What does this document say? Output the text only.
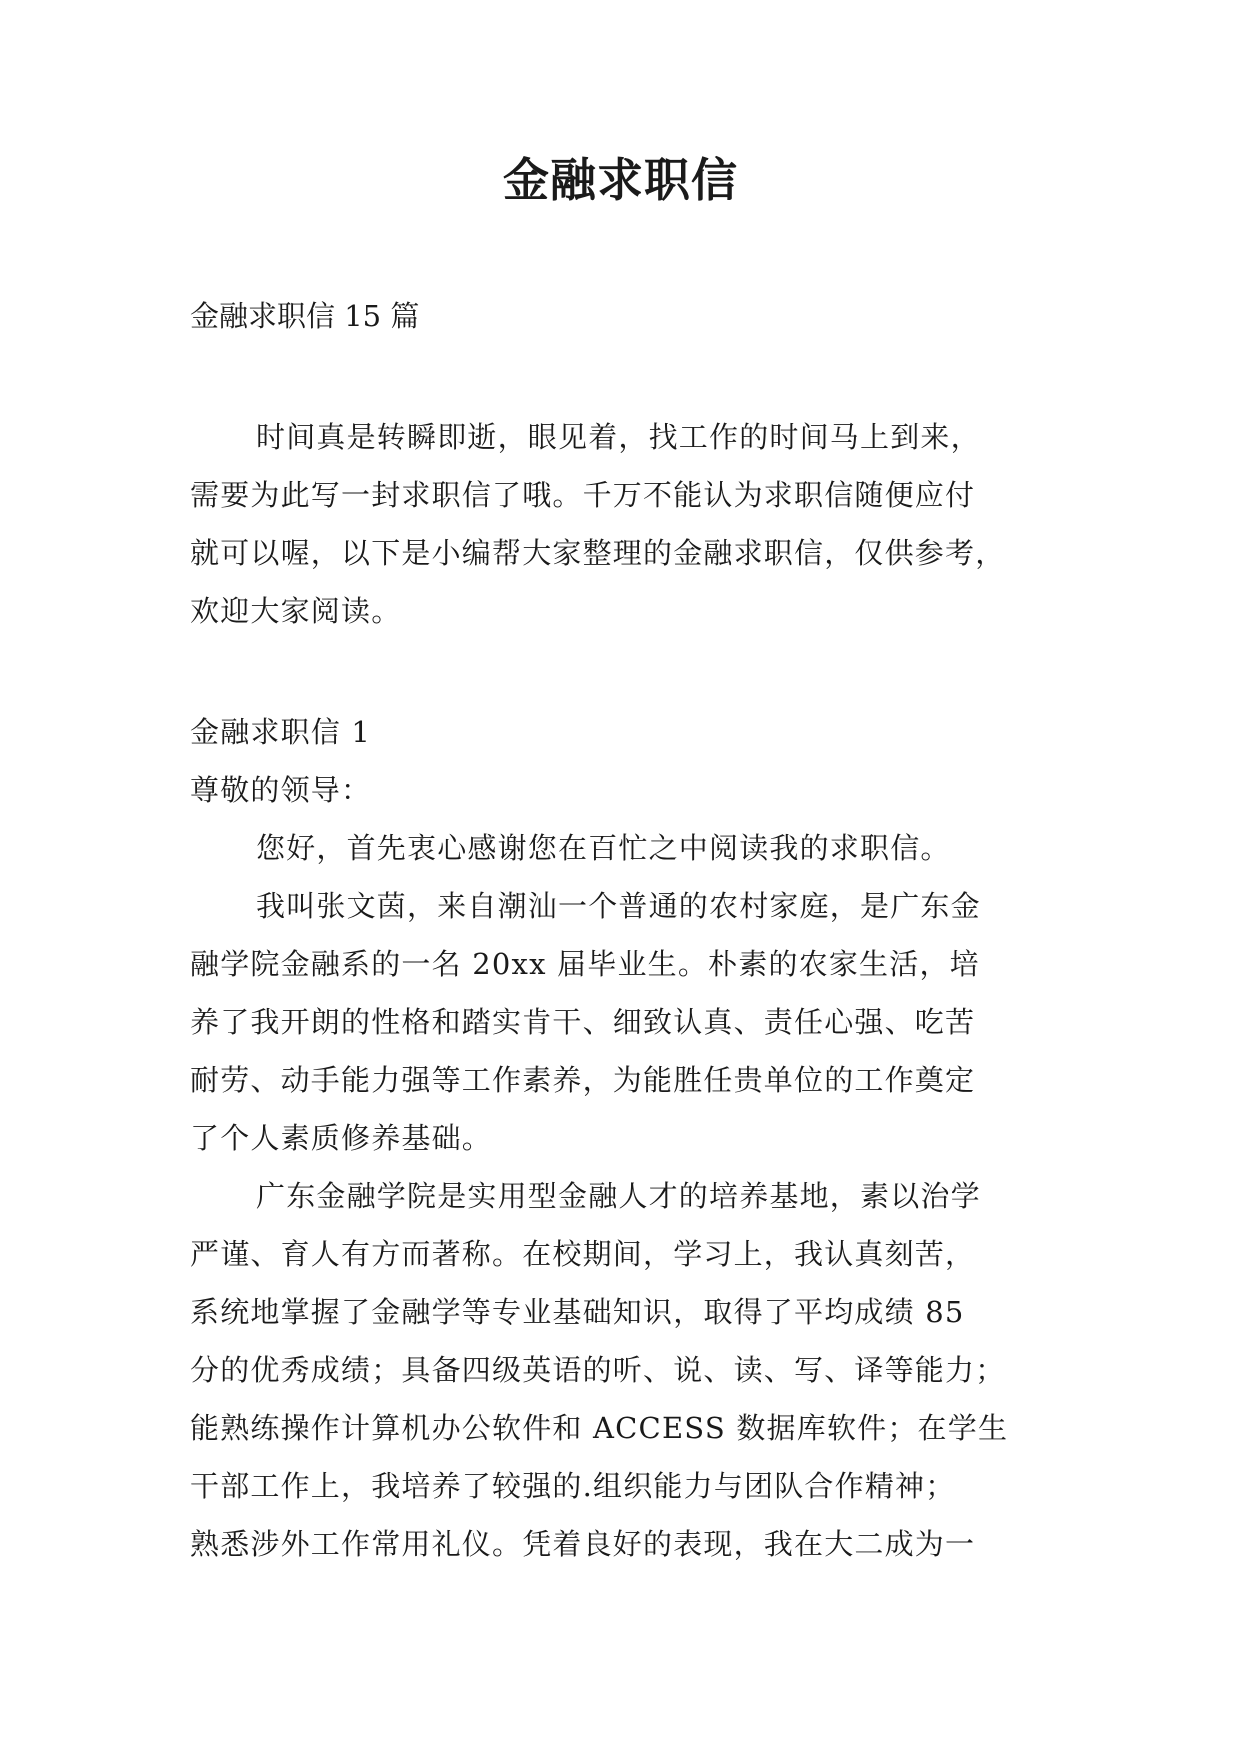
金融求职信
金融求职信 15 篇
时间真是转瞬即逝，眼见着，找工作的时间马上到来，
需要为此写一封求职信了哦。千万不能认为求职信随便应付
就可以喔，以下是小编帮大家整理的金融求职信，仅供参考，
欢迎大家阅读。
金融求职信 1
尊敬的领导：
您好，首先衷心感谢您在百忙之中阅读我的求职信。
我叫张文茵，来自潮汕一个普通的农村家庭，是广东金
融学院金融系的一名 20xx 届毕业生。朴素的农家生活，培
养了我开朗的性格和踏实肯干、细致认真、责任心强、吃苦
耐劳、动手能力强等工作素养，为能胜任贵单位的工作奠定
了个人素质修养基础。
广东金融学院是实用型金融人才的培养基地，素以治学
严谨、育人有方而著称。在校期间，学习上，我认真刻苦，
系统地掌握了金融学等专业基础知识，取得了平均成绩 85
分的优秀成绩；具备四级英语的听、说、读、写、译等能力；
能熟练操作计算机办公软件和 ACCESS 数据库软件；在学生
干部工作上，我培养了较强的.组织能力与团队合作精神；
熟悉涉外工作常用礼仪。凭着良好的表现，我在大二成为一
